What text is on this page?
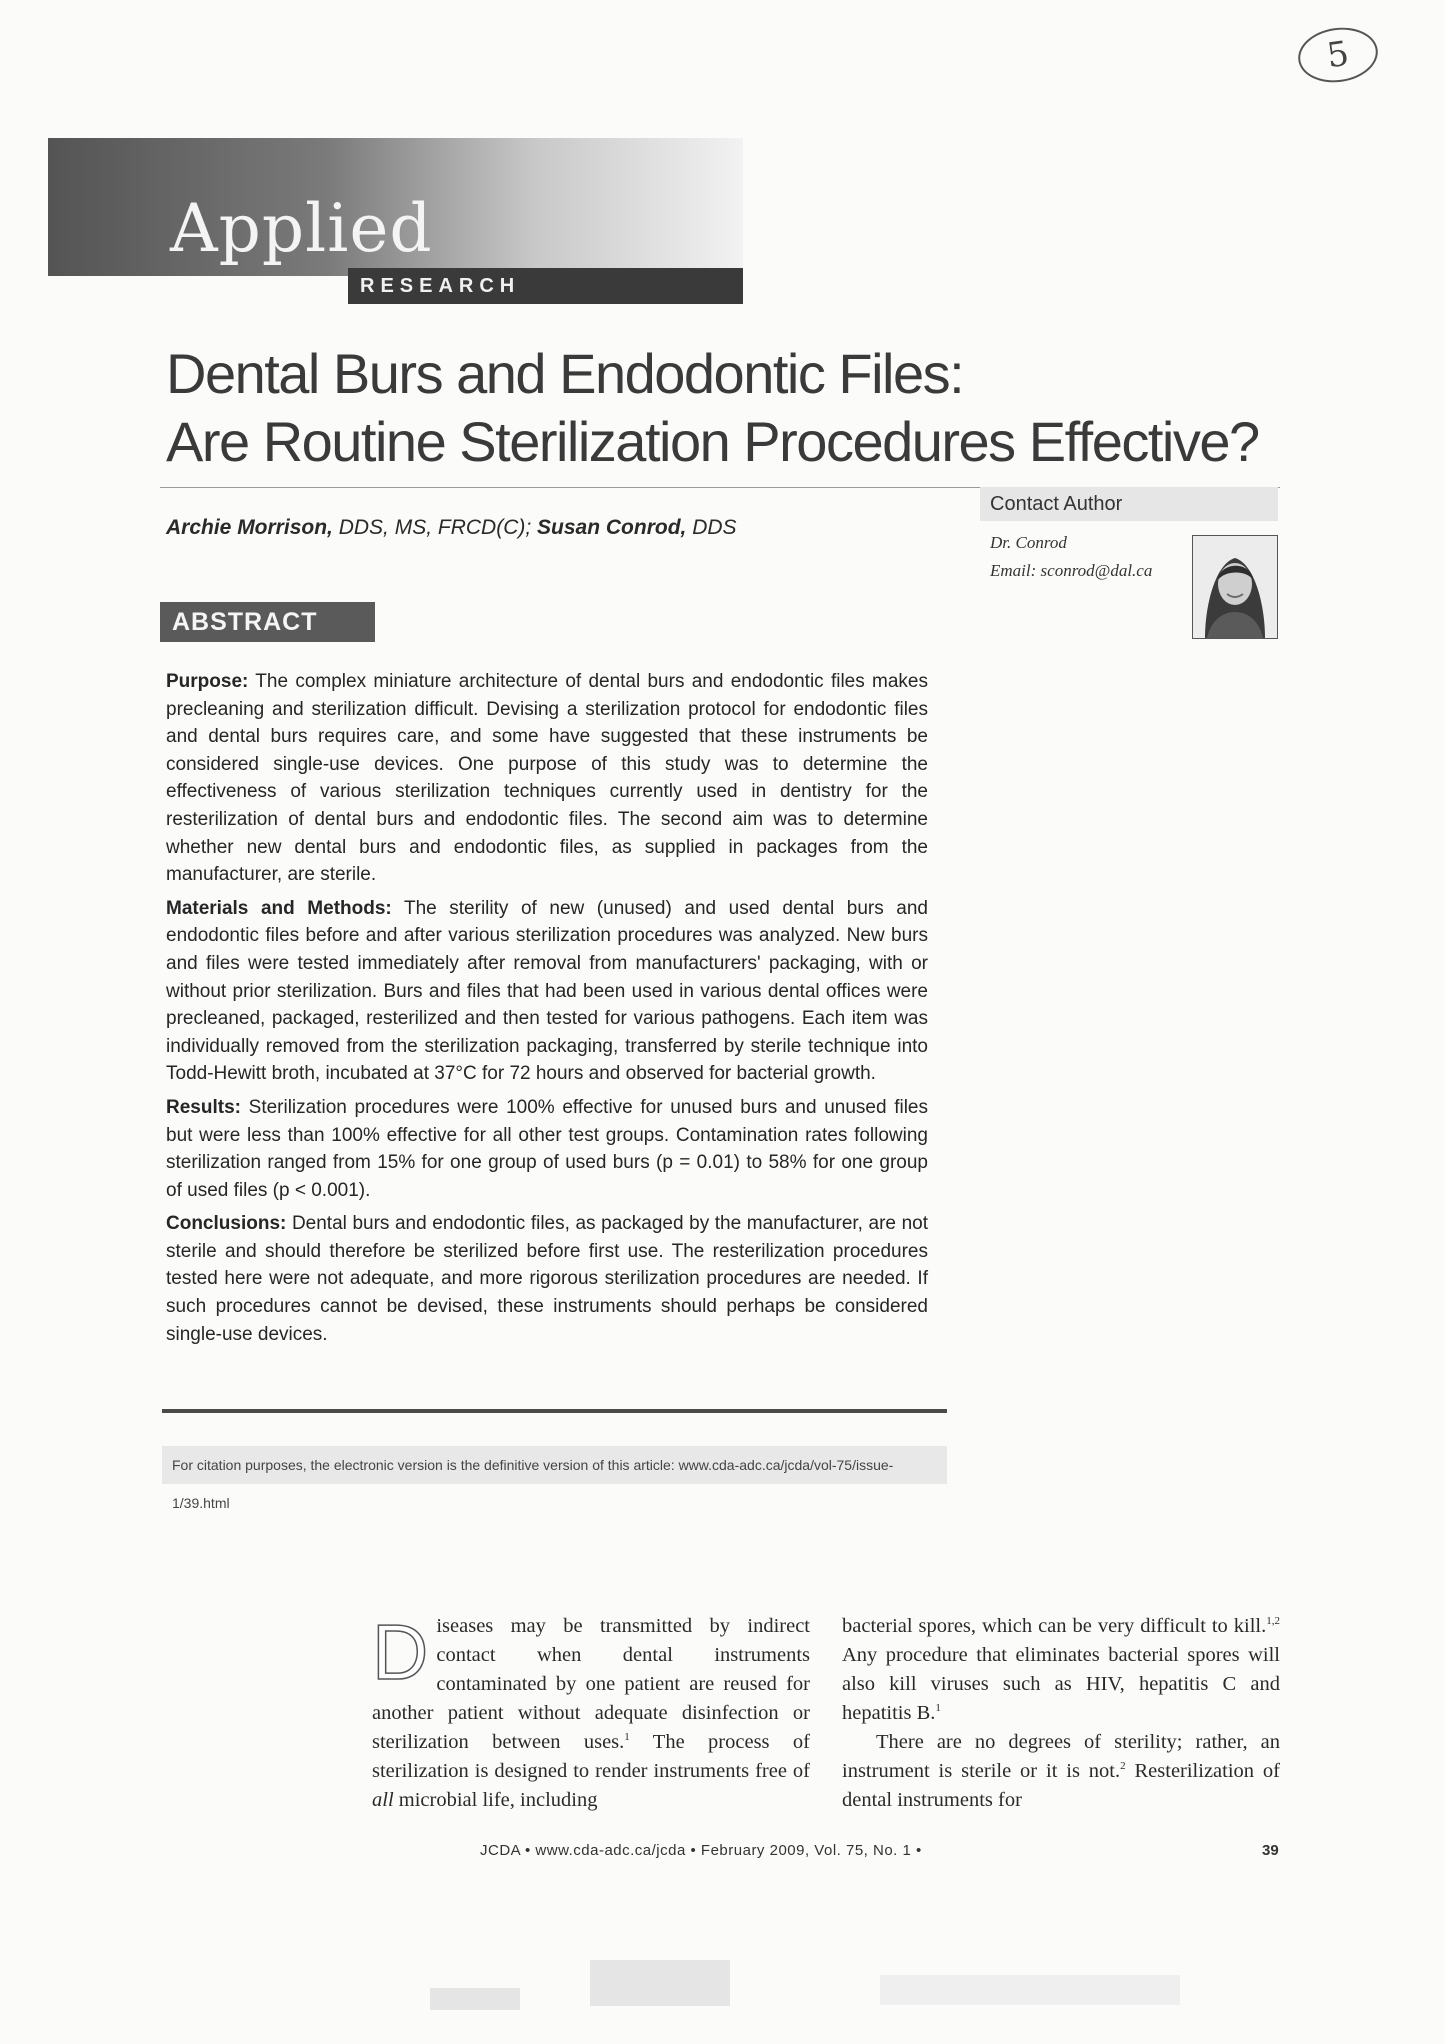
5
Applied
RESEARCH
Dental Burs and Endodontic Files:
Are Routine Sterilization Procedures Effective?
Archie Morrison, DDS, MS, FRCD(C); Susan Conrod, DDS
Contact Author
Dr. Conrod
Email: sconrod@dal.ca
ABSTRACT

Purpose: The complex miniature architecture of dental burs and endodontic files makes precleaning and sterilization difficult. Devising a sterilization protocol for endodontic files and dental burs requires care, and some have suggested that these instruments be considered single-use devices. One purpose of this study was to determine the effectiveness of various sterilization techniques currently used in dentistry for the resterilization of dental burs and endodontic files. The second aim was to determine whether new dental burs and endodontic files, as supplied in packages from the manufacturer, are sterile.

Materials and Methods: The sterility of new (unused) and used dental burs and endodontic files before and after various sterilization procedures was analyzed. New burs and files were tested immediately after removal from manufacturers' packaging, with or without prior sterilization. Burs and files that had been used in various dental offices were precleaned, packaged, resterilized and then tested for various pathogens. Each item was individually removed from the sterilization packaging, transferred by sterile technique into Todd-Hewitt broth, incubated at 37°C for 72 hours and observed for bacterial growth.

Results: Sterilization procedures were 100% effective for unused burs and unused files but were less than 100% effective for all other test groups. Contamination rates following sterilization ranged from 15% for one group of used burs (p = 0.01) to 58% for one group of used files (p < 0.001).

Conclusions: Dental burs and endodontic files, as packaged by the manufacturer, are not sterile and should therefore be sterilized before first use. The resterilization procedures tested here were not adequate, and more rigorous sterilization procedures are needed. If such procedures cannot be devised, these instruments should perhaps be considered single-use devices.

For citation purposes, the electronic version is the definitive version of this article: www.cda-adc.ca/jcda/vol-75/issue-1/39.html

Diseases may be transmitted by indirect contact when dental instruments contaminated by one patient are reused for another patient without adequate disinfection or sterilization between uses.$^1$ The process of sterilization is designed to render instruments free of all microbial life, including

bacterial spores, which can be very difficult to kill.$^{1,2}$ Any procedure that eliminates bacterial spores will also kill viruses such as HIV, hepatitis C and hepatitis B.$^1$

There are no degrees of sterility; rather, an instrument is sterile or it is not.$^2$ Resterilization of dental instruments for

JCDA • www.cda-adc.ca/jcda • February 2009, Vol. 75, No. 1 •	39
